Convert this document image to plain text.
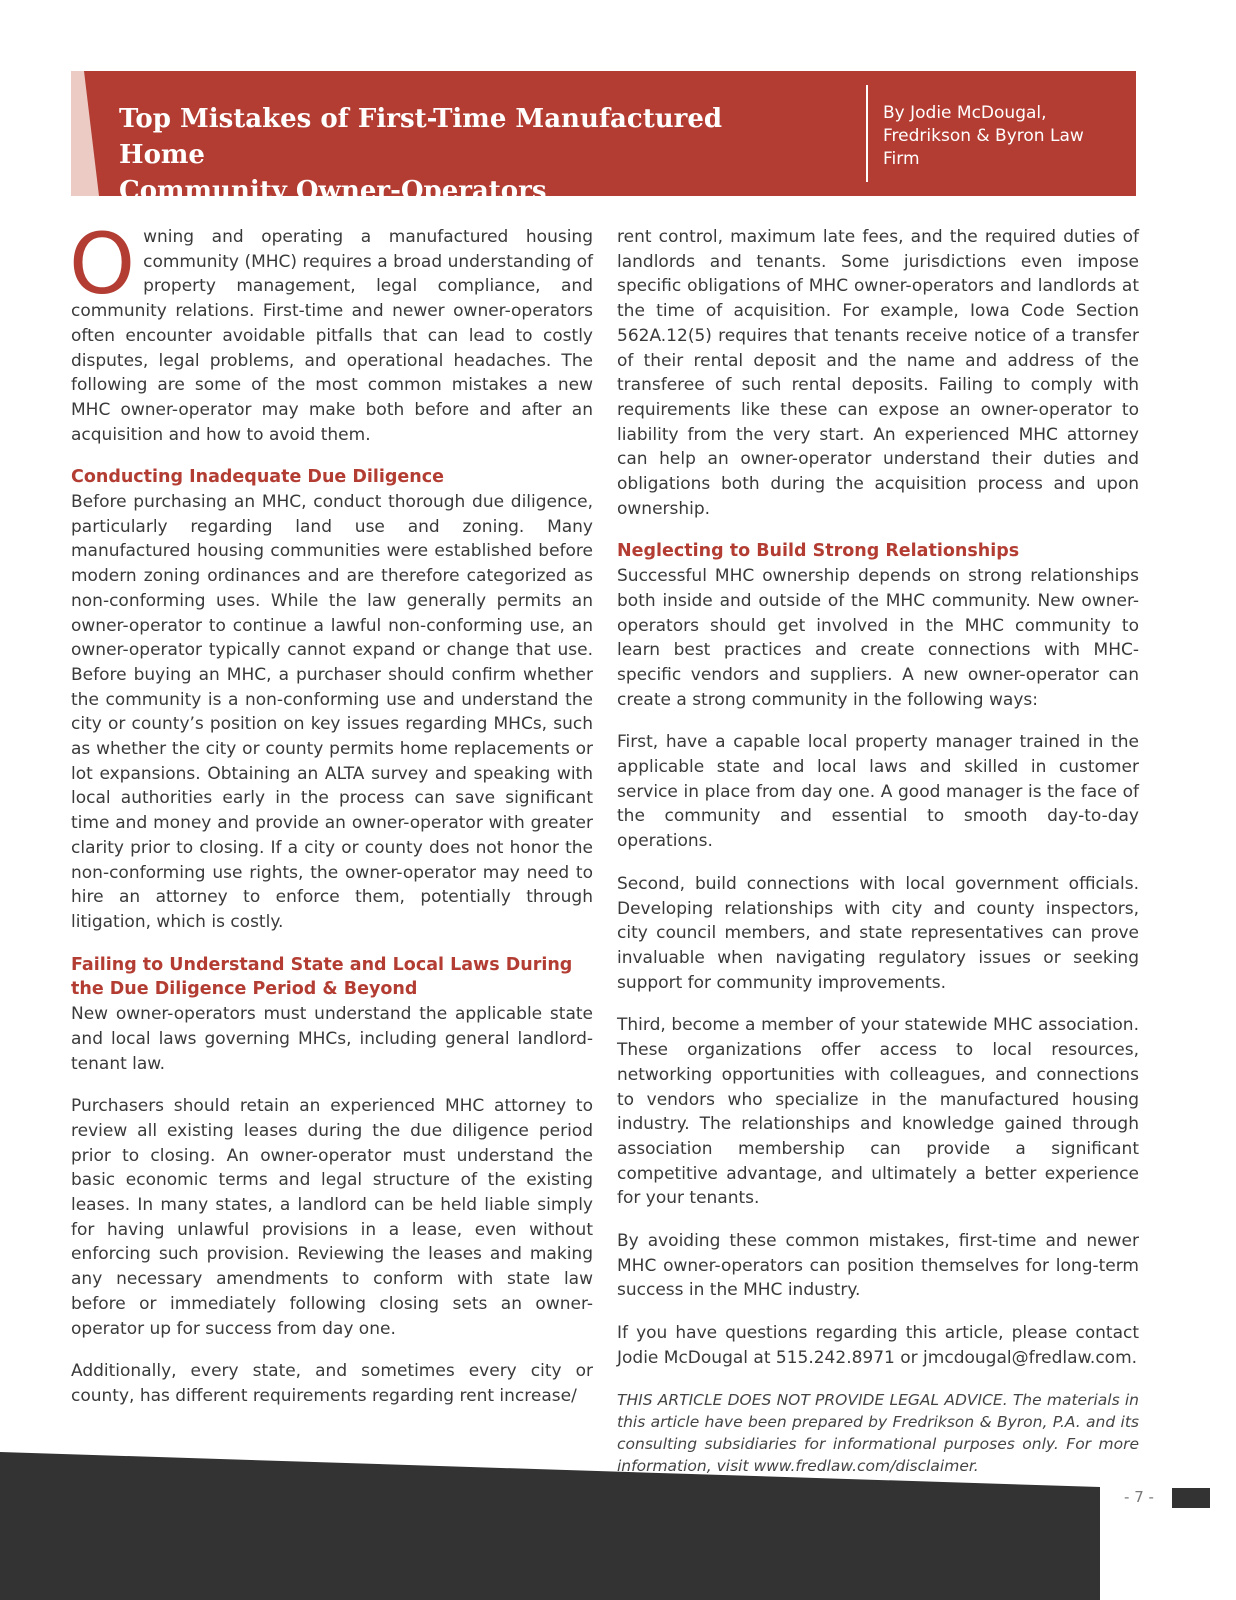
Top Mistakes of First-Time Manufactured Home
Community Owner-Operators
By Jodie McDougal,
Fredrikson & Byron Law
Firm

Owning and operating a manufactured housing community (MHC) requires a broad understanding of property management, legal compliance, and community relations. First-time and newer owner-operators often encounter avoidable pitfalls that can lead to costly disputes, legal problems, and operational headaches. The following are some of the most common mistakes a new MHC owner-operator may make both before and after an acquisition and how to avoid them.

Conducting Inadequate Due Diligence

Before purchasing an MHC, conduct thorough due diligence, particularly regarding land use and zoning. Many manufactured housing communities were established before modern zoning ordinances and are therefore categorized as non-conforming uses. While the law generally permits an owner-operator to continue a lawful non-conforming use, an owner-operator typically cannot expand or change that use. Before buying an MHC, a purchaser should confirm whether the community is a non-conforming use and understand the city or county’s position on key issues regarding MHCs, such as whether the city or county permits home replacements or lot expansions. Obtaining an ALTA survey and speaking with local authorities early in the process can save significant time and money and provide an owner-operator with greater clarity prior to closing. If a city or county does not honor the non-conforming use rights, the owner-operator may need to hire an attorney to enforce them, potentially through litigation, which is costly.

Failing to Understand State and Local Laws During the Due Diligence Period & Beyond

New owner-operators must understand the applicable state and local laws governing MHCs, including general landlord-tenant law.

Purchasers should retain an experienced MHC attorney to review all existing leases during the due diligence period prior to closing. An owner-operator must understand the basic economic terms and legal structure of the existing leases. In many states, a landlord can be held liable simply for having unlawful provisions in a lease, even without enforcing such provision. Reviewing the leases and making any necessary amendments to conform with state law before or immediately following closing sets an owner-operator up for success from day one.

Additionally, every state, and sometimes every city or county, has different requirements regarding rent increase/

rent control, maximum late fees, and the required duties of landlords and tenants. Some jurisdictions even impose specific obligations of MHC owner-operators and landlords at the time of acquisition. For example, Iowa Code Section 562A.12(5) requires that tenants receive notice of a transfer of their rental deposit and the name and address of the transferee of such rental deposits. Failing to comply with requirements like these can expose an owner-operator to liability from the very start. An experienced MHC attorney can help an owner-operator understand their duties and obligations both during the acquisition process and upon ownership.

Neglecting to Build Strong Relationships

Successful MHC ownership depends on strong relationships both inside and outside of the MHC community. New owner-operators should get involved in the MHC community to learn best practices and create connections with MHC-specific vendors and suppliers. A new owner-operator can create a strong community in the following ways:

First, have a capable local property manager trained in the applicable state and local laws and skilled in customer service in place from day one. A good manager is the face of the community and essential to smooth day-to-day operations.

Second, build connections with local government officials. Developing relationships with city and county inspectors, city council members, and state representatives can prove invaluable when navigating regulatory issues or seeking support for community improvements.

Third, become a member of your statewide MHC association. These organizations offer access to local resources, networking opportunities with colleagues, and connections to vendors who specialize in the manufactured housing industry. The relationships and knowledge gained through association membership can provide a significant competitive advantage, and ultimately a better experience for your tenants.

By avoiding these common mistakes, first-time and newer MHC owner-operators can position themselves for long-term success in the MHC industry.

If you have questions regarding this article, please contact Jodie McDougal at 515.242.8971 or jmcdougal@fredlaw.com.

THIS ARTICLE DOES NOT PROVIDE LEGAL ADVICE. The materials in this article have been prepared by Fredrikson & Byron, P.A. and its consulting subsidiaries for informational purposes only. For more information, visit www.fredlaw.com/disclaimer.

- 7 -
